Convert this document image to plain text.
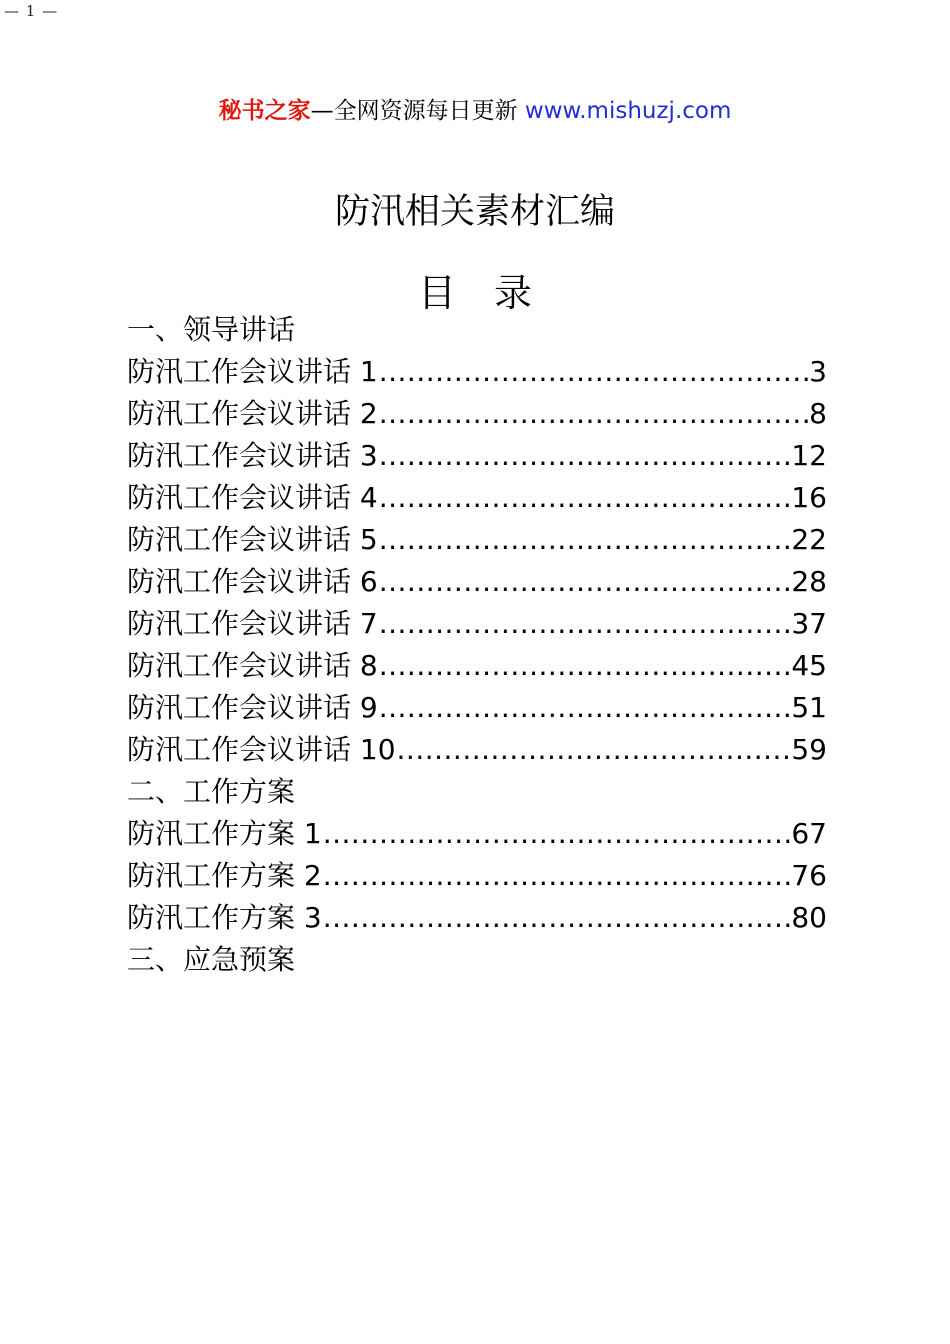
— 1 —
秘书之家—全网资源每日更新 www.mishuzj.com
防汛相关素材汇编
目　录
一、领导讲话
防汛工作会议讲话 1 .....	3
防汛工作会议讲话 2 .....	8
防汛工作会议讲话 3 .....	12
防汛工作会议讲话 4 .....	16
防汛工作会议讲话 5 .....	22
防汛工作会议讲话 6 .....	28
防汛工作会议讲话 7 .....	37
防汛工作会议讲话 8 .....	45
防汛工作会议讲话 9 .....	51
防汛工作会议讲话 10 .....	59
二、工作方案
防汛工作方案 1 .....	67
防汛工作方案 2 .....	76
防汛工作方案 3 .....	80
三、应急预案
